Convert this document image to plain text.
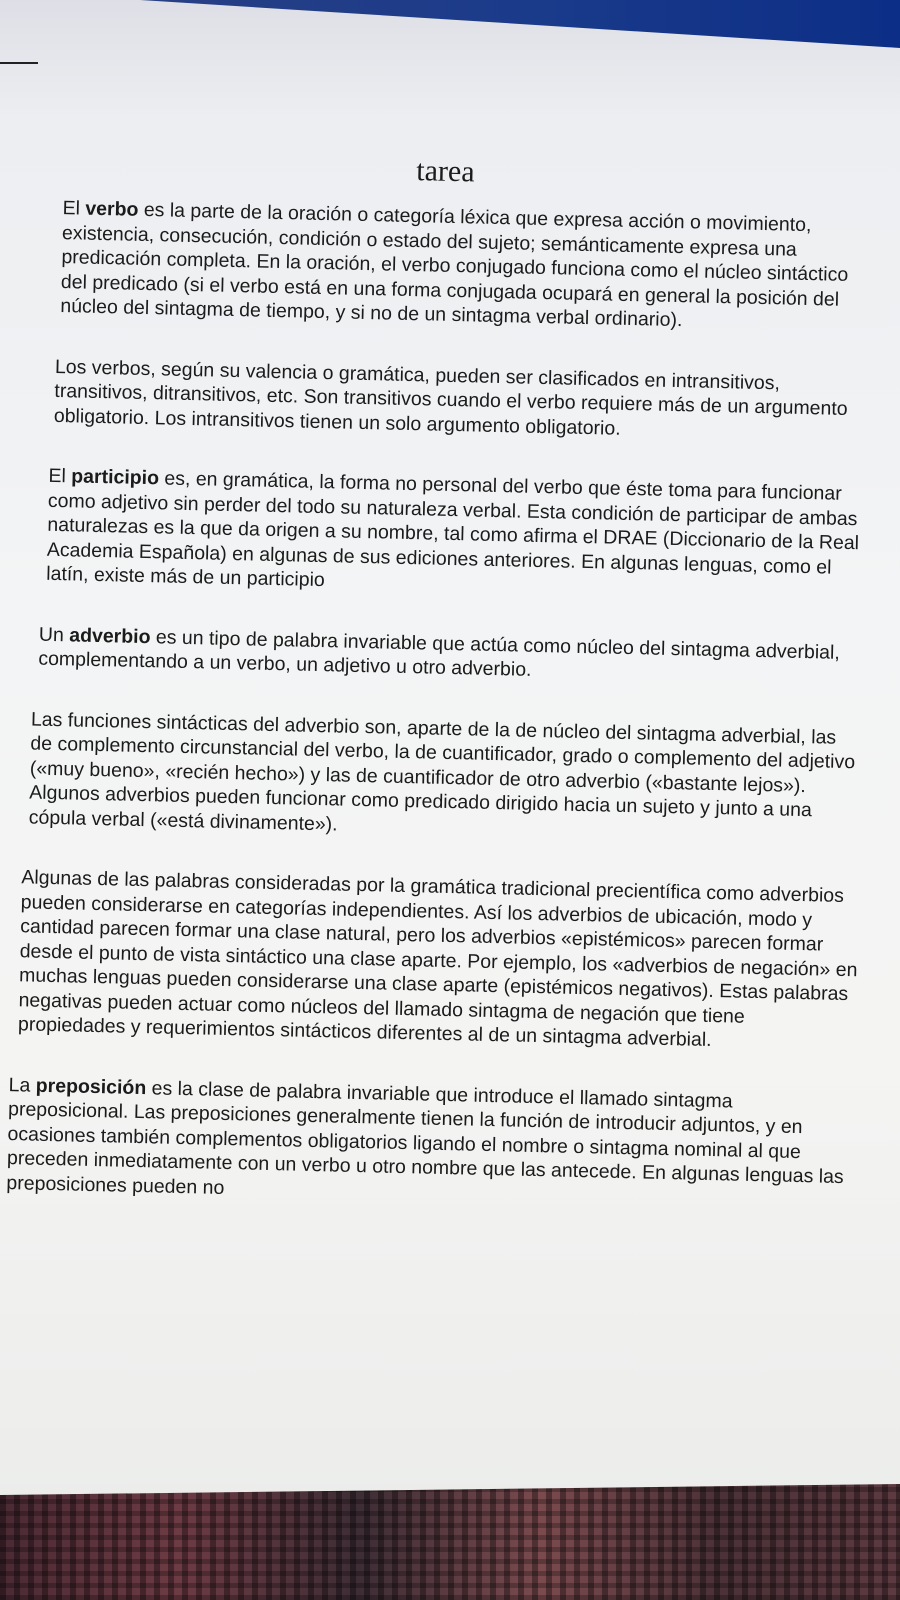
tarea

El verbo es la parte de la oración o categoría léxica que expresa acción o movimiento, existencia, consecución, condición o estado del sujeto; semánticamente expresa una predicación completa. En la oración, el verbo conjugado funciona como el núcleo sintáctico del predicado (si el verbo está en una forma conjugada ocupará en general la posición del núcleo del sintagma de tiempo, y si no de un sintagma verbal ordinario).

Los verbos, según su valencia o gramática, pueden ser clasificados en intransitivos, transitivos, ditransitivos, etc. Son transitivos cuando el verbo requiere más de un argumento obligatorio. Los intransitivos tienen un solo argumento obligatorio.

El participio es, en gramática, la forma no personal del verbo que éste toma para funcionar como adjetivo sin perder del todo su naturaleza verbal. Esta condición de participar de ambas naturalezas es la que da origen a su nombre, tal como afirma el DRAE (Diccionario de la Real Academia Española) en algunas de sus ediciones anteriores. En algunas lenguas, como el latín, existe más de un participio

Un adverbio es un tipo de palabra invariable que actúa como núcleo del sintagma adverbial, complementando a un verbo, un adjetivo u otro adverbio.

Las funciones sintácticas del adverbio son, aparte de la de núcleo del sintagma adverbial, las de complemento circunstancial del verbo, la de cuantificador, grado o complemento del adjetivo («muy bueno», «recién hecho») y las de cuantificador de otro adverbio («bastante lejos»). Algunos adverbios pueden funcionar como predicado dirigido hacia un sujeto y junto a una cópula verbal («está divinamente»).

Algunas de las palabras consideradas por la gramática tradicional precientífica como adverbios pueden considerarse en categorías independientes. Así los adverbios de ubicación, modo y cantidad parecen formar una clase natural, pero los adverbios «epistémicos» parecen formar desde el punto de vista sintáctico una clase aparte. Por ejemplo, los «adverbios de negación» en muchas lenguas pueden considerarse una clase aparte (epistémicos negativos). Estas palabras negativas pueden actuar como núcleos del llamado sintagma de negación que tiene propiedades y requerimientos sintácticos diferentes al de un sintagma adverbial.

La preposición es la clase de palabra invariable que introduce el llamado sintagma preposicional. Las preposiciones generalmente tienen la función de introducir adjuntos, y en ocasiones también complementos obligatorios ligando el nombre o sintagma nominal al que preceden inmediatamente con un verbo u otro nombre que las antecede. En algunas lenguas las preposiciones pueden no
